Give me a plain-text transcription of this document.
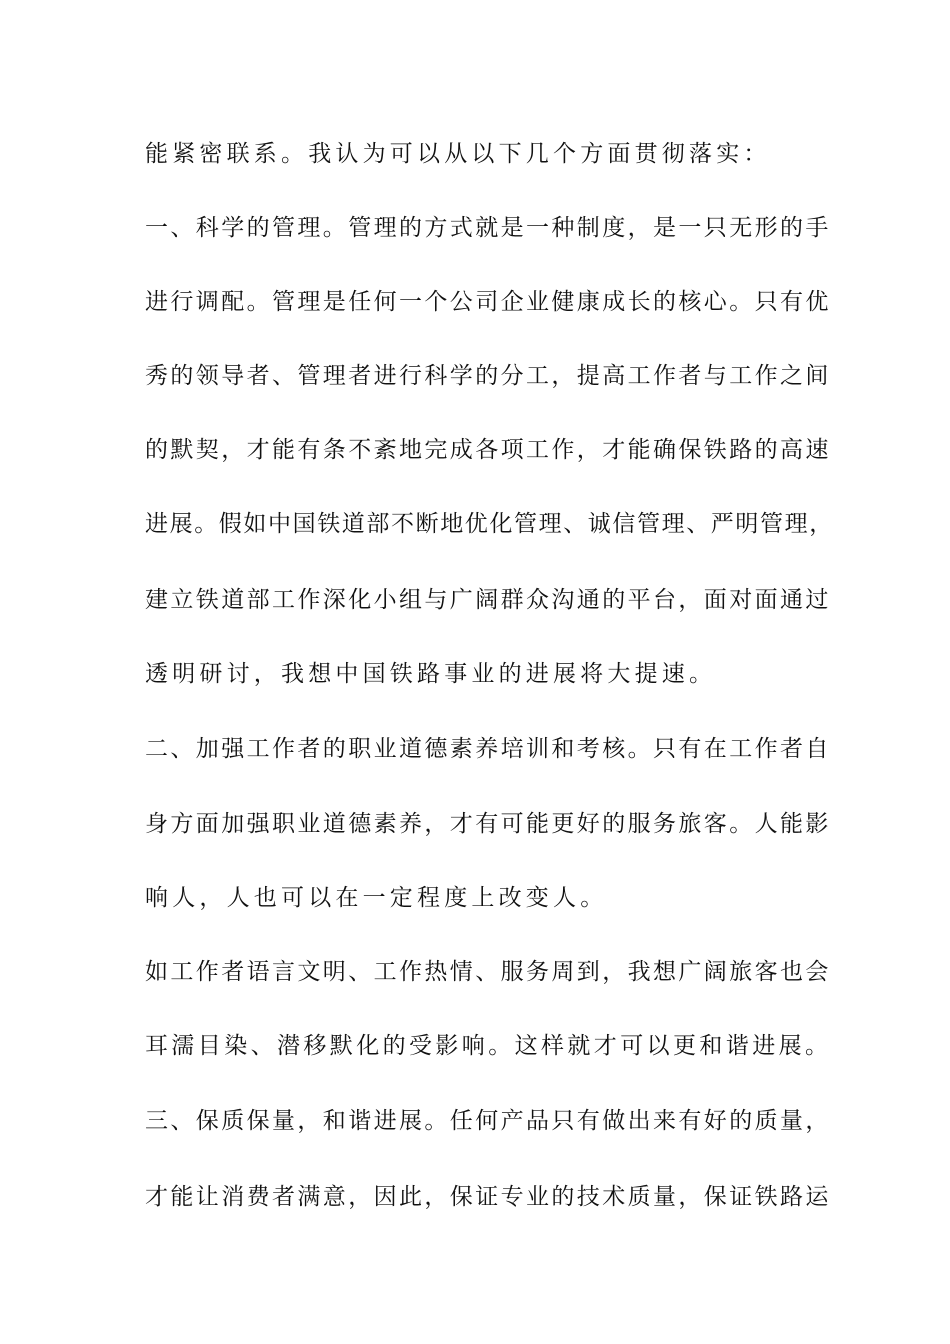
能紧密联系。我认为可以从以下几个方面贯彻落实：
一、科学的管理。管理的方式就是一种制度，是一只无形的手
进行调配。管理是任何一个公司企业健康成长的核心。只有优
秀的领导者、管理者进行科学的分工，提高工作者与工作之间
的默契，才能有条不紊地完成各项工作，才能确保铁路的高速
进展。假如中国铁道部不断地优化管理、诚信管理、严明管理，
建立铁道部工作深化小组与广阔群众沟通的平台，面对面通过
透明研讨，我想中国铁路事业的进展将大提速。
二、加强工作者的职业道德素养培训和考核。只有在工作者自
身方面加强职业道德素养，才有可能更好的服务旅客。人能影
响人，人也可以在一定程度上改变人。
如工作者语言文明、工作热情、服务周到，我想广阔旅客也会
耳濡目染、潜移默化的受影响。这样就才可以更和谐进展。
三、保质保量，和谐进展。任何产品只有做出来有好的质量，
才能让消费者满意，因此，保证专业的技术质量，保证铁路运
